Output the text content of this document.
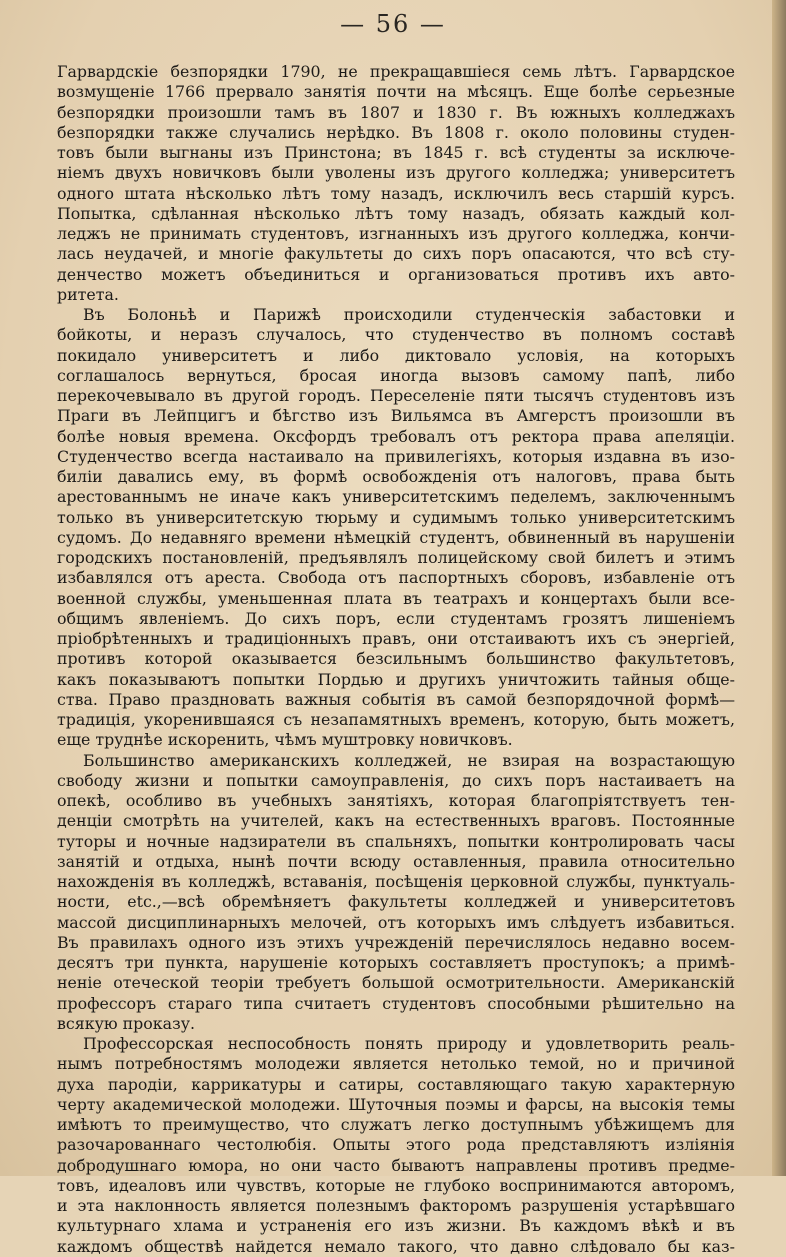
— 56 —
Гарвардскiе безпорядки 1790, не прекращавшiеся семь лѣтъ. Гарвардское
возмущенiе 1766 прервало занятiя почти на мѣсяцъ. Еще болѣе серьезные
безпорядки произошли тамъ въ 1807 и 1830 г. Въ южныхъ колледжахъ
безпорядки также случались нерѣдко. Въ 1808 г. около половины студен-
товъ были выгнаны изъ Принстона; въ 1845 г. всѣ студенты за исключе-
нiемъ двухъ новичковъ были уволены изъ другого колледжа; университетъ
одного штата нѣсколько лѣтъ тому назадъ, исключилъ весь старшiй курсъ.
Попытка, сдѣланная нѣсколько лѣтъ тому назадъ, обязать каждый кол-
леджъ не принимать студентовъ, изгнанныхъ изъ другого колледжа, кончи-
лась неудачей, и многiе факультеты до сихъ поръ опасаются, что всѣ сту-
денчество можетъ объединиться и организоваться противъ ихъ авто-
ритета.
Въ Болоньѣ и Парижѣ происходили студенческiя забастовки и
бойкоты, и неразъ случалось, что студенчество въ полномъ составѣ
покидало университетъ и либо диктовало условiя, на которыхъ
соглашалось вернуться, бросая иногда вызовъ самому папѣ, либо
перекочевывало въ другой городъ. Переселенiе пяти тысячъ студентовъ изъ
Праги въ Лейпцигъ и бѣгство изъ Вильямса въ Амгерстъ произошли въ
болѣе новыя времена. Оксфордъ требовалъ отъ ректора права апеляцiи.
Студенчество всегда настаивало на привилегiяхъ, которыя издавна въ изо-
билiи давались ему, въ формѣ освобожденiя отъ налоговъ, права быть
арестованнымъ не иначе какъ университетскимъ педелемъ, заключеннымъ
только въ университетскую тюрьму и судимымъ только университетскимъ
судомъ. До недавняго времени нѣмецкiй студентъ, обвиненный въ нарушенiи
городскихъ постановленiй, предъявлялъ полицейскому свой билетъ и этимъ
избавлялся отъ ареста. Свобода отъ паспортныхъ сборовъ, избавленiе отъ
военной службы, уменьшенная плата въ театрахъ и концертахъ были все-
общимъ явленiемъ. До сихъ поръ, если студентамъ грозятъ лишенiемъ
прiобрѣтенныхъ и традицiонныхъ правъ, они отстаиваютъ ихъ съ энергiей,
противъ которой оказывается безсильнымъ большинство факультетовъ,
какъ показываютъ попытки Пордью и другихъ уничтожить тайныя обще-
ства. Право праздновать важныя событiя въ самой безпорядочной формѣ—
традицiя, укоренившаяся съ незапамятныхъ временъ, которую, быть можетъ,
еще труднѣе искоренить, чѣмъ муштровку новичковъ.
Большинство американскихъ колледжей, не взирая на возрастающую
свободу жизни и попытки самоуправленiя, до сихъ поръ настаиваетъ на
опекѣ, особливо въ учебныхъ занятiяхъ, которая благопрiятствуетъ тен-
денцiи смотрѣть на учителей, какъ на естественныхъ враговъ. Постоянные
туторы и ночные надзиратели въ спальняхъ, попытки контролировать часы
занятiй и отдыха, нынѣ почти всюду оставленныя, правила относительно
нахожденiя въ колледжѣ, вставанiя, посѣщенiя церковной службы, пунктуаль-
ности, etc.,—всѣ обремѣняетъ факультеты колледжей и университетовъ
массой дисциплинарныхъ мелочей, отъ которыхъ имъ слѣдуетъ избавиться.
Въ правилахъ одного изъ этихъ учрежденiй перечислялось недавно восем-
десятъ три пункта, нарушенiе которыхъ составляетъ проступокъ; а примѣ-
ненiе отеческой теорiи требуетъ большой осмотрительности. Американскiй
профессоръ стараго типа считаетъ студентовъ способными рѣшительно на
всякую проказу.
Профессорская неспособность понять природу и удовлетворить реаль-
нымъ потребностямъ молодежи является нетолько темой, но и причиной
духа пародiи, каррикатуры и сатиры, составляющаго такую характерную
черту академической молодежи. Шуточныя поэмы и фарсы, на высокiя темы
имѣютъ то преимущество, что служатъ легко доступнымъ убѣжищемъ для
разочарованнаго честолюбiя. Опыты этого рода представляютъ излiянiя
добродушнаго юмора, но они часто бываютъ направлены противъ предме-
товъ, идеаловъ или чувствъ, которые не глубоко воспринимаются авторомъ,
и эта наклонность является полезнымъ факторомъ разрушенiя устарѣвшаго
культурнаго хлама и устраненiя его изъ жизни. Въ каждомъ вѣкѣ и въ
каждомъ обществѣ найдется немало такого, что давно слѣдовало бы каз-
